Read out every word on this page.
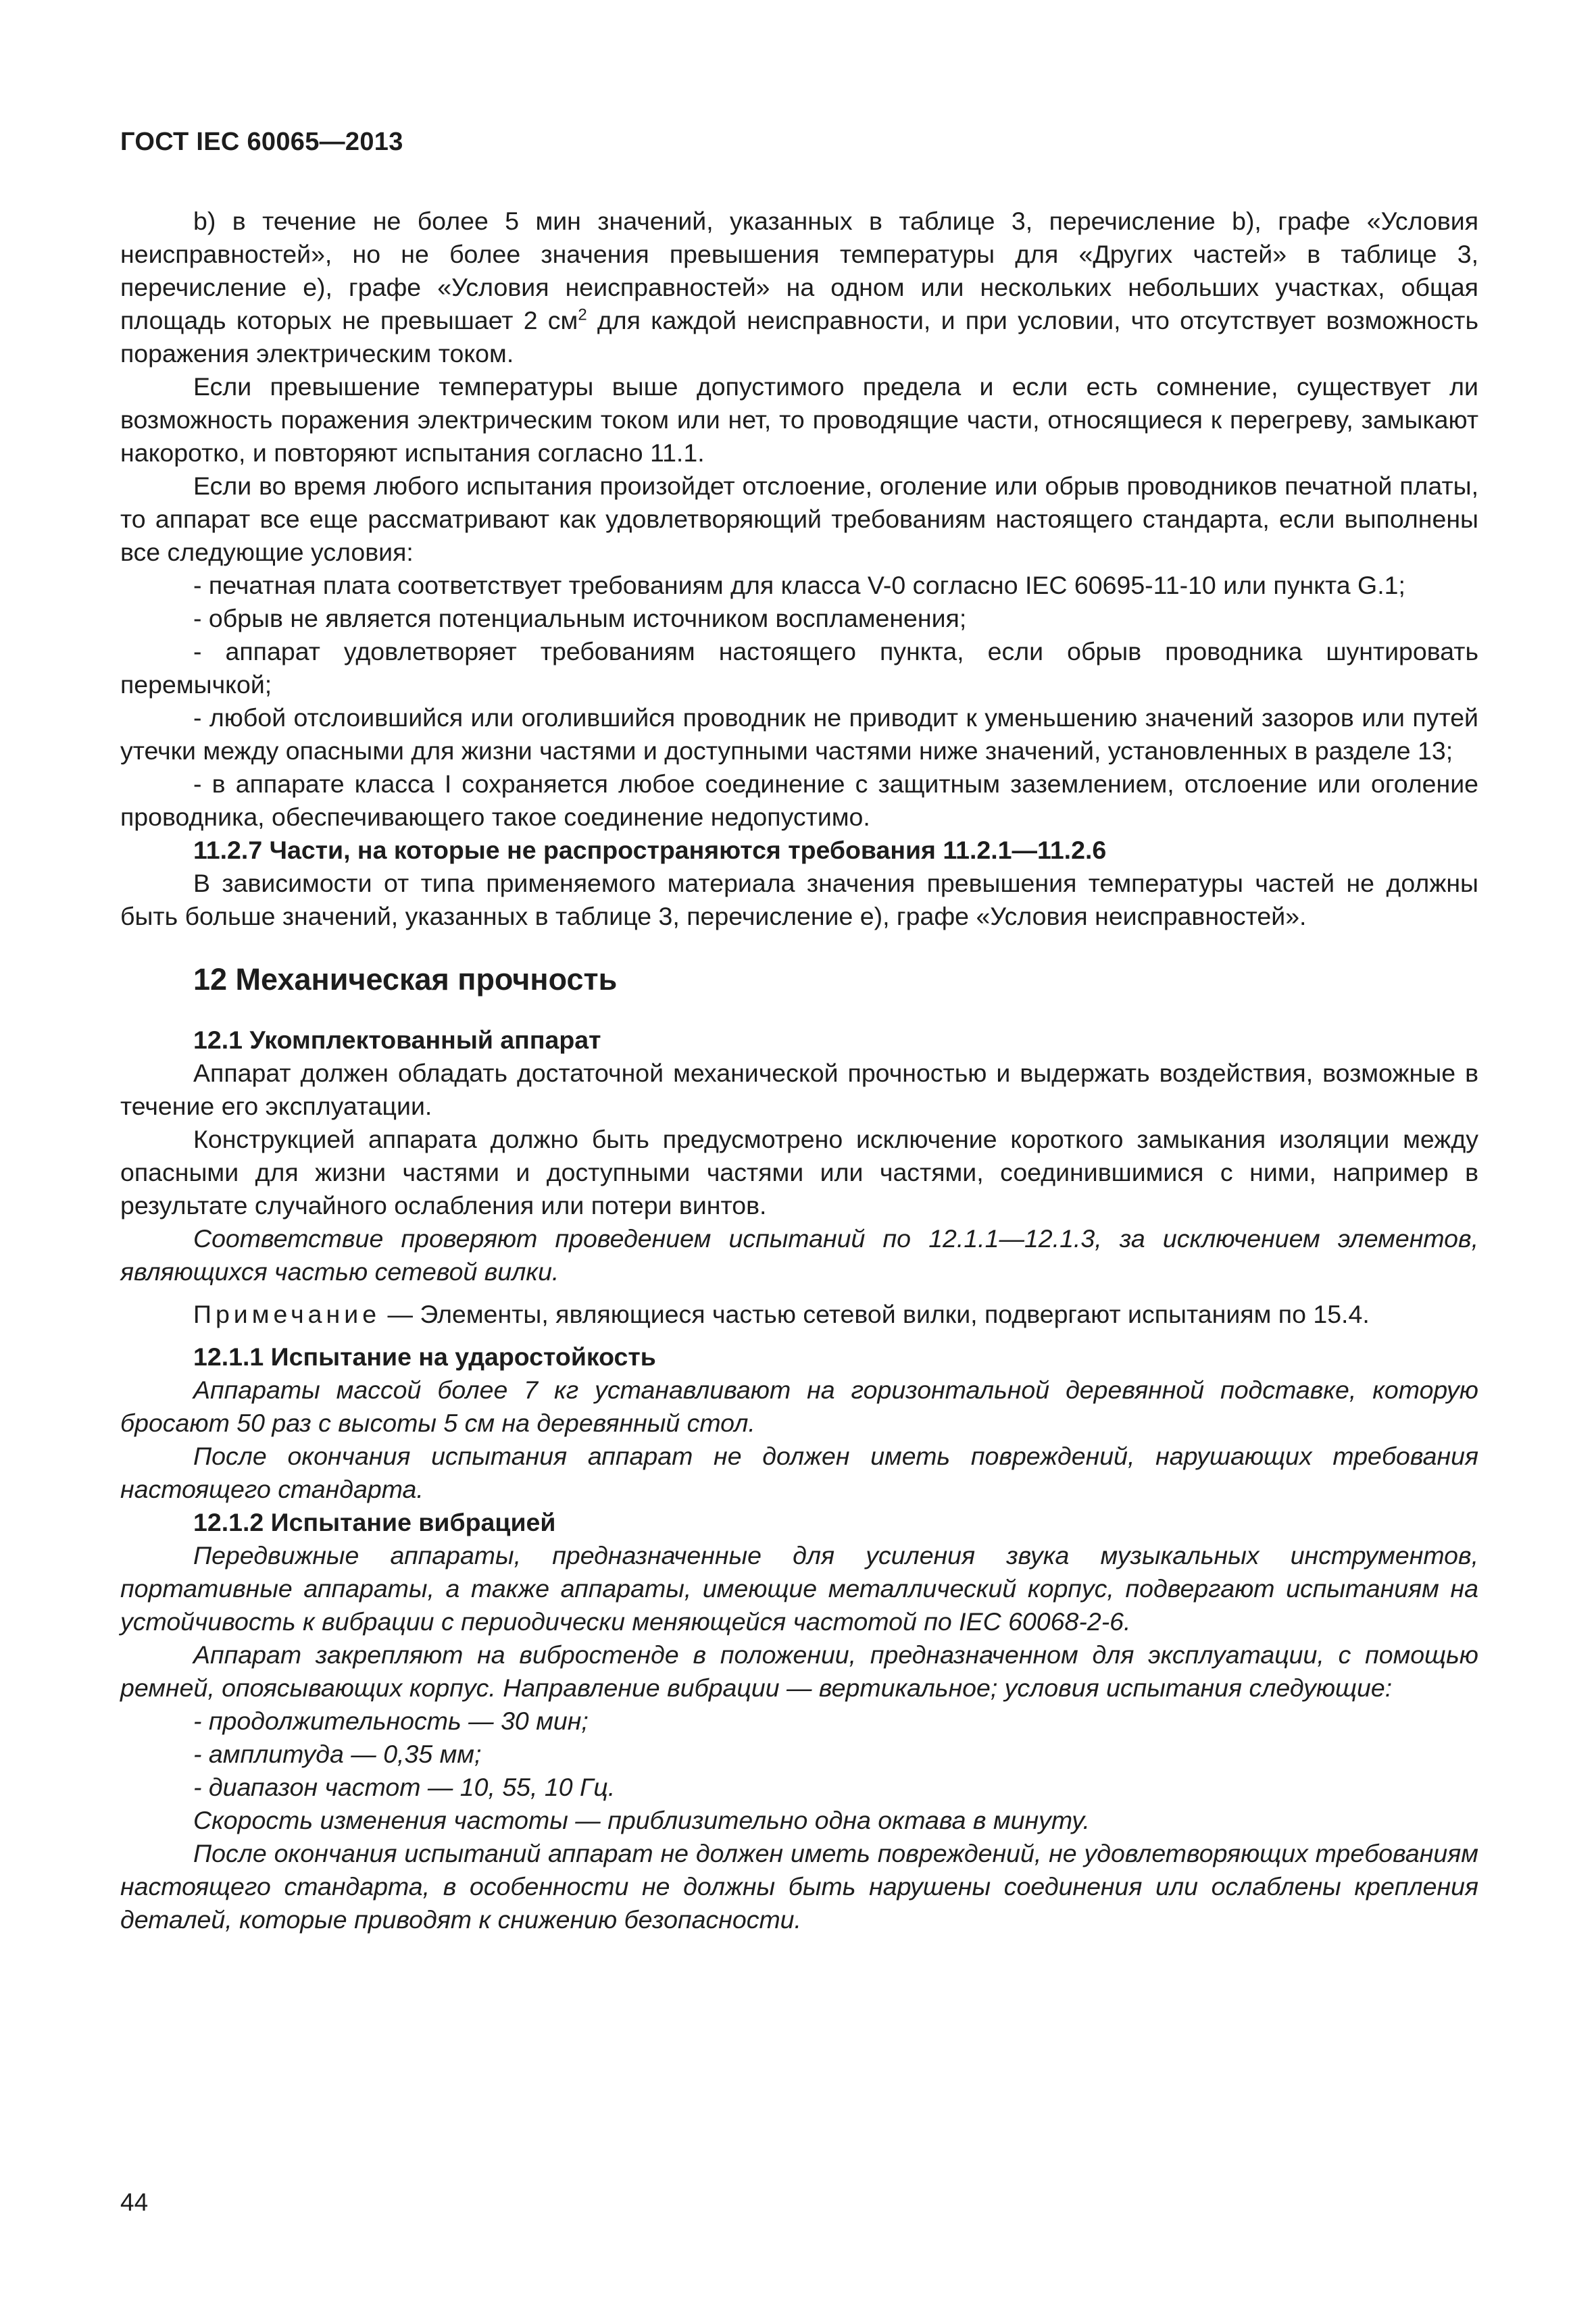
ГОСТ IEC 60065—2013

b) в течение не более 5 мин значений, указанных в таблице 3, перечисление b), графе «Условия неисправностей», но не более значения превышения температуры для «Других частей» в таблице 3, перечисление е), графе «Условия неисправностей» на одном или нескольких небольших участках, общая площадь которых не превышает 2 $см^2$ для каждой неисправности, и при условии, что отсутствует возможность поражения электрическим током.

Если превышение температуры выше допустимого предела и если есть сомнение, существует ли возможность поражения электрическим током или нет, то проводящие части, относящиеся к перегреву, замыкают накоротко, и повторяют испытания согласно 11.1.

Если во время любого испытания произойдет отслоение, оголение или обрыв проводников печатной платы, то аппарат все еще рассматривают как удовлетворяющий требованиям настоящего стандарта, если выполнены все следующие условия:

- печатная плата соответствует требованиям для класса V-0 согласно IEC 60695-11-10 или пункта G.1;

- обрыв не является потенциальным источником воспламенения;

- аппарат удовлетворяет требованиям настоящего пункта, если обрыв проводника шунтировать перемычкой;

- любой отслоившийся или оголившийся проводник не приводит к уменьшению значений зазоров или путей утечки между опасными для жизни частями и доступными частями ниже значений, установленных в разделе 13;

- в аппарате класса I сохраняется любое соединение с защитным заземлением, отслоение или оголение проводника, обеспечивающего такое соединение недопустимо.

11.2.7 Части, на которые не распространяются требования 11.2.1—11.2.6

В зависимости от типа применяемого материала значения превышения температуры частей не должны быть больше значений, указанных в таблице 3, перечисление е), графе «Условия неисправностей».

12 Механическая прочность

12.1 Укомплектованный аппарат

Аппарат должен обладать достаточной механической прочностью и выдержать воздействия, возможные в течение его эксплуатации.

Конструкцией аппарата должно быть предусмотрено исключение короткого замыкания изоляции между опасными для жизни частями и доступными частями или частями, соединившимися с ними, например в результате случайного ослабления или потери винтов.

Соответствие проверяют проведением испытаний по 12.1.1—12.1.3, за исключением элементов, являющихся частью сетевой вилки.

Примечание — Элементы, являющиеся частью сетевой вилки, подвергают испытаниям по 15.4.

12.1.1 Испытание на ударостойкость

Аппараты массой более 7 кг устанавливают на горизонтальной деревянной подставке, которую бросают 50 раз с высоты 5 см на деревянный стол.

После окончания испытания аппарат не должен иметь повреждений, нарушающих требования настоящего стандарта.

12.1.2 Испытание вибрацией

Передвижные аппараты, предназначенные для усиления звука музыкальных инструментов, портативные аппараты, а также аппараты, имеющие металлический корпус, подвергают испытаниям на устойчивость к вибрации с периодически меняющейся частотой по IEC 60068-2-6.

Аппарат закрепляют на вибростенде в положении, предназначенном для эксплуатации, с помощью ремней, опоясывающих корпус. Направление вибрации — вертикальное; условия испытания следующие:

- продолжительность — 30 мин;

- амплитуда — 0,35 мм;

- диапазон частот — 10, 55, 10 Гц.

Скорость изменения частоты — приблизительно одна октава в минуту.

После окончания испытаний аппарат не должен иметь повреждений, не удовлетворяющих требованиям настоящего стандарта, в особенности не должны быть нарушены соединения или ослаблены крепления деталей, которые приводят к снижению безопасности.

44
